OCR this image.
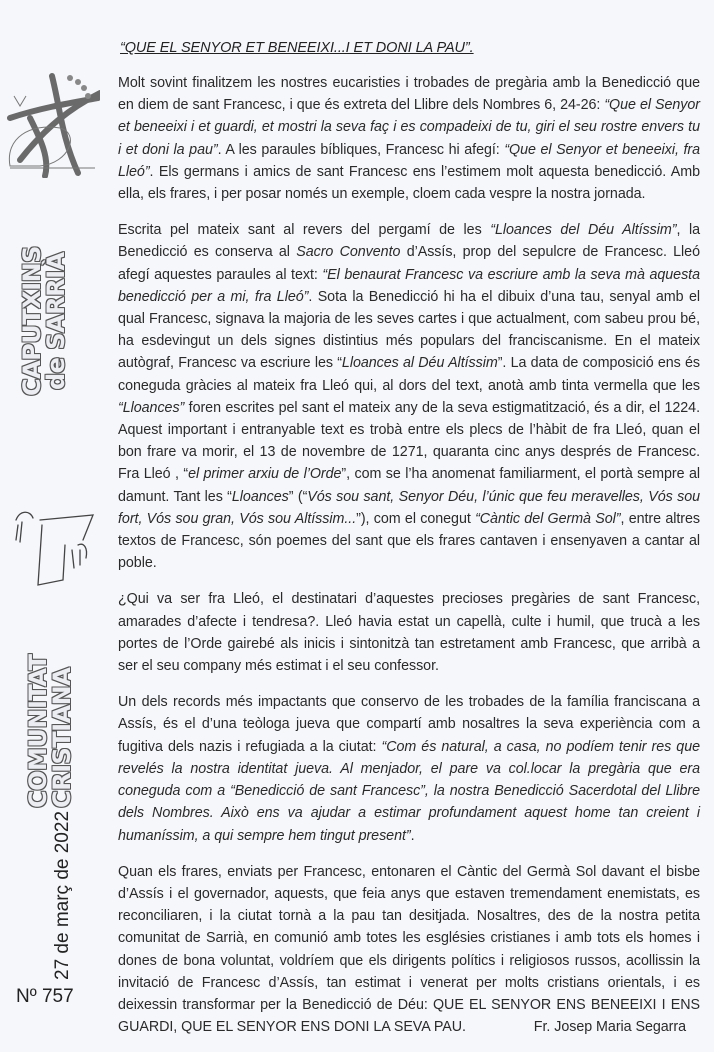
CAPUTXINS
de SARRIÀ
COMUNITAT
CRISTIANA
27 de març de 2022
Nº 757
“QUE EL SENYOR ET BENEEIXI...I ET DONI LA PAU”.

Molt sovint finalitzem les nostres eucaristies i trobades de pregària amb la Benedicció que en diem de sant Francesc, i que és extreta del Llibre dels Nombres 6, 24-26: “Que el Senyor et beneeixi i et guardi, et mostri la seva faç i es compadeixi de tu, giri el seu rostre envers tu i et doni la pau”. A les paraules bíbliques, Francesc hi afegí: “Que el Senyor et beneeixi, fra Lleó”. Els germans i amics de sant Francesc ens l’estimem molt aquesta benedicció. Amb ella, els frares, i per posar només un exemple, cloem cada vespre la nostra jornada.

Escrita pel mateix sant al revers del pergamí de les “Lloances del Déu Altíssim”, la Benedicció es conserva al Sacro Convento d’Assís, prop del sepulcre de Francesc. Lleó afegí aquestes paraules al text: “El benaurat Francesc va escriure amb la seva mà aquesta benedicció per a mi, fra Lleó”. Sota la Benedicció hi ha el dibuix d’una tau, senyal amb el qual Francesc, signava la majoria de les seves cartes i que actualment, com sabeu prou bé, ha esdevingut un dels signes distintius més populars del franciscanisme. En el mateix autògraf, Francesc va escriure les “Lloances al Déu Altíssim”. La data de composició ens és coneguda gràcies al mateix fra Lleó qui, al dors del text, anotà amb tinta vermella que les “Lloances” foren escrites pel sant el mateix any de la seva estigmatització, és a dir, el 1224. Aquest important i entranyable text es trobà entre els plecs de l’hàbit de fra Lleó, quan el bon frare va morir, el 13 de novembre de 1271, quaranta cinc anys després de Francesc. Fra Lleó , “el primer arxiu de l’Orde”, com se l’ha anomenat familiarment, el portà sempre al damunt. Tant les “Lloances” (“Vós sou sant, Senyor Déu, l’únic que feu meravelles, Vós sou fort, Vós sou gran, Vós sou Altíssim...”), com el conegut “Càntic del Germà Sol”, entre altres textos de Francesc, són poemes del sant que els frares cantaven i ensenyaven a cantar al poble.

¿Qui va ser fra Lleó, el destinatari d’aquestes precioses pregàries de sant Francesc, amarades d’afecte i tendresa?. Lleó havia estat un capellà, culte i humil, que trucà a les portes de l’Orde gairebé als inicis i sintonitzà tan estretament amb Francesc, que arribà a ser el seu company més estimat i el seu confessor.

Un dels records més impactants que conservo de les trobades de la família franciscana a Assís, és el d’una teòloga jueva que compartí amb nosaltres la seva experiència com a fugitiva dels nazis i refugiada a la ciutat: “Com és natural, a casa, no podíem tenir res que revelés la nostra identitat jueva. Al menjador, el pare va col.locar la pregària que era coneguda com a “Benedicció de sant Francesc”, la nostra Benedicció Sacerdotal del Llibre dels Nombres. Això ens va ajudar a estimar profundament aquest home tan creient i humaníssim, a qui sempre hem tingut present”.

Quan els frares, enviats per Francesc, entonaren el Càntic del Germà Sol davant el bisbe d’Assís i el governador, aquests, que feia anys que estaven tremendament enemistats, es reconciliaren, i la ciutat tornà a la pau tan desitjada. Nosaltres, des de la nostra petita comunitat de Sarrià, en comunió amb totes les esglésies cristianes i amb tots els homes i dones de bona voluntat, voldríem que els dirigents polítics i religiosos russos, acollissin la invitació de Francesc d’Assís, tan estimat i venerat per molts cristians orientals, i es deixessin transformar per la Benedicció de Déu: QUE EL SENYOR ENS BENEEIXI I ENS GUARDI, QUE EL SENYOR ENS DONI LA SEVA PAU.	Fr. Josep Maria Segarra
